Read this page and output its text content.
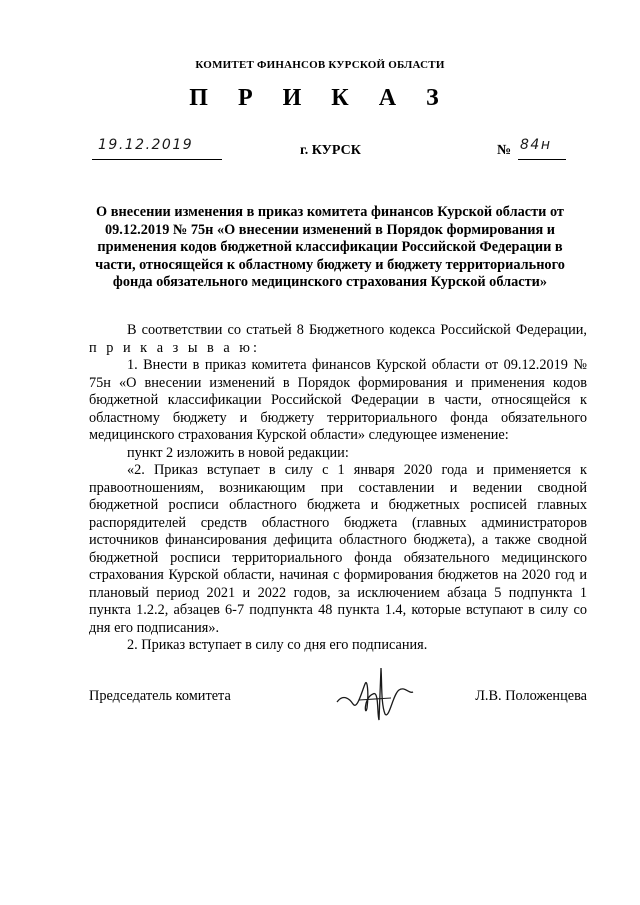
КОМИТЕТ ФИНАНСОВ КУРСКОЙ ОБЛАСТИ
П Р И К А З
19.12.2019	г. КУРСК	№ 84н
О внесении изменения в приказ комитета финансов Курской области от 09.12.2019 № 75н «О внесении изменений в Порядок формирования и применения кодов бюджетной классификации Российской Федерации в части, относящейся к областному бюджету и бюджету территориального фонда обязательного медицинского страхования Курской области»

В соответствии со статьей 8 Бюджетного кодекса Российской Федерации, п р и к а з ы в а ю:

1. Внести в приказ комитета финансов Курской области от 09.12.2019 № 75н «О внесении изменений в Порядок формирования и применения кодов бюджетной классификации Российской Федерации в части, относящейся к областному бюджету и бюджету территориального фонда обязательного медицинского страхования Курской области» следующее изменение:

пункт 2 изложить в новой редакции:

«2. Приказ вступает в силу с 1 января 2020 года и применяется к правоотношениям, возникающим при составлении и ведении сводной бюджетной росписи областного бюджета и бюджетных росписей главных распорядителей средств областного бюджета (главных администраторов источников финансирования дефицита областного бюджета), а также сводной бюджетной росписи территориального фонда обязательного медицинского страхования Курской области, начиная с формирования бюджетов на 2020 год и плановый период 2021 и 2022 годов, за исключением абзаца 5 подпункта 1 пункта 1.2.2, абзацев 6-7 подпункта 48 пункта 1.4, которые вступают в силу со дня его подписания».

2. Приказ вступает в силу со дня его подписания.

Председатель комитета	Л.В. Положенцева
